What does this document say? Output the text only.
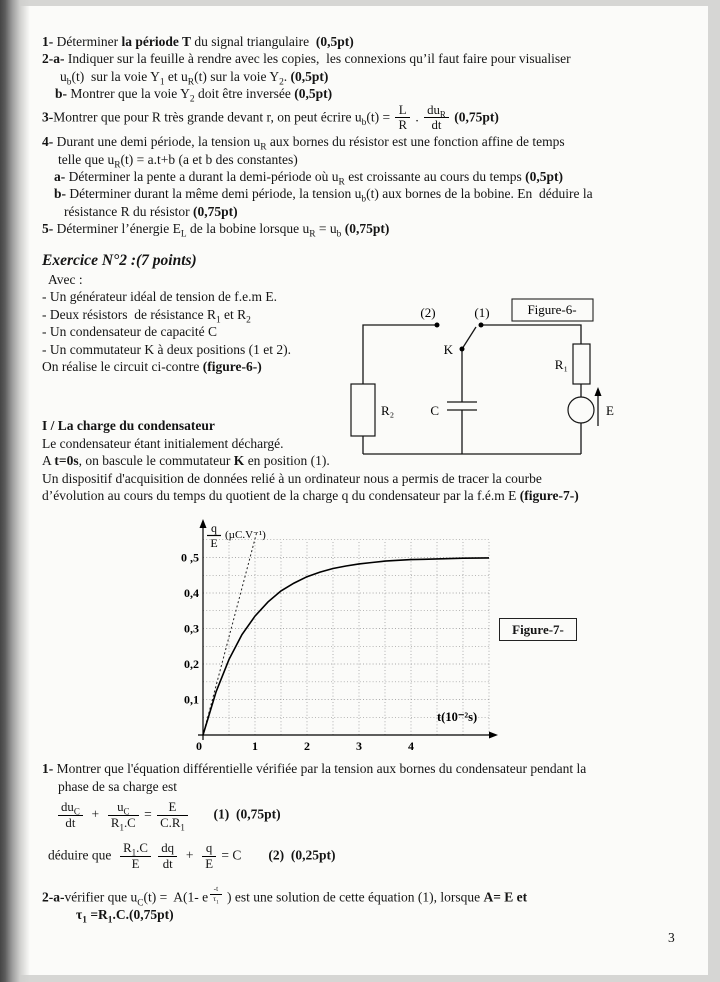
1- Déterminer la période T du signal triangulaire  (0,5pt)
2-a- Indiquer sur la feuille à rendre avec les copies,  les connexions qu’il faut faire pour visualiser
$u_b(t)$  sur la voie $Y_1$ et $u_R(t)$ sur la voie $Y_2$. (0,5pt)
b- Montrer que la voie $Y_2$ doit être inversée (0,5pt)
3-Montrer que pour R très grande devant r, on peut écrire $u_b(t) = \frac{L}{R}$ . $\frac{du_R}{dt} (0,75pt)$
4- Durant une demi période, la tension $u_R$ aux bornes du résistor est une fonction affine de temps
telle que $u_R(t) = a.t+b$ (a et b des constantes)
a- Déterminer la pente a durant la demi-période où $u_R$ est croissante au cours du temps (0,5pt)
b- Déterminer durant la même demi période, la tension $u_b(t)$ aux bornes de la bobine. En  déduire la
résistance R du résistor (0,75pt)
5- Déterminer l’énergie $E_L$ de la bobine lorsque $u_R = u_b$ (0,75pt)
Exercice N°2 :(7 points)
Avec :
- Un générateur idéal de tension de f.e.m E.
- Deux résistors  de résistance $R_1$ et $R_2$
- Un condensateur de capacité C
- Un commutateur K à deux positions (1 et 2).
On réalise le circuit ci-contre (figure-6-)
I / La charge du condensateur
Le condensateur étant initialement déchargé.
A t=0s, on bascule le commutateur K en position (1).
Un dispositif d'acquisition de données relié à un ordinateur nous a permis de tracer la courbe
d’évolution au cours du temps du quotient de la charge q du condensateur par la f.é.m E (figure-7-)
0 ,5
0,4
0,3
0,2
0,1
1	2	3	4
q
E
(µC.V⁻¹)
t(10⁻²s)
0
Figure-7-
1- Montrer que l'équation différentielle vérifiée par la tension aux bornes du condensateur pendant la
phase de sa charge est
$\frac{du_C}{dt} + \frac{u_C}{R_1.C} = \frac{E}{C.R_1} (1)$ (0,75pt)
déduire que $\frac{R_1.C}{E}$
$\frac{dq}{dt} + \frac{q}{E} = C$        (2) (0,25pt)
2-a-vérifier que $u_C(t) = A(1-$ e $^{\frac{-t}{\tau_1}}$ ) est une solution de cette équation (1), lorsque A= E et
$\tau_1 =R_1.C.(0,75pt)$
Figure-6-
(2)	(1)
K
R₂
R₁
C	E
3
